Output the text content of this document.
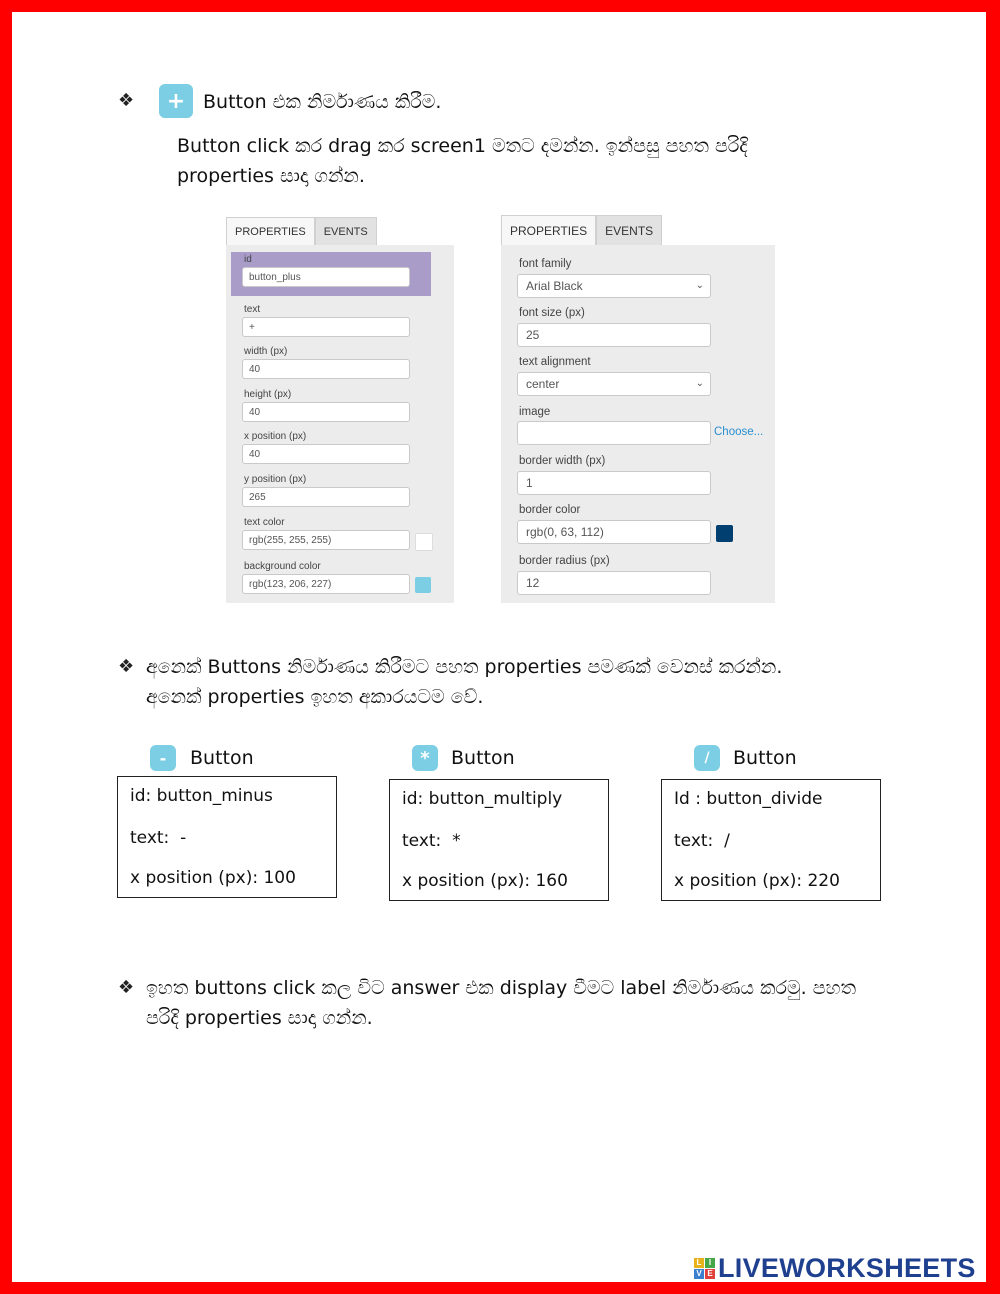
❖	+ Button එක නිර්මාණය කිරීම.
Button click කර drag කර screen1 මතට දමන්න. ඉන්පසු පහත පරිදි
properties සාදා ගන්න.
PROPERTIES	EVENTS
id
button_plus
text
+
width (px)
40
height (px)
40
x position (px)
40
y position (px)
265
text color
rgb(255, 255, 255)
background color
rgb(123, 206, 227)
PROPERTIES	EVENTS
font family
Arial Black	⌄
font size (px)
25
text alignment
center	⌄
image
Choose...
border width (px)
1
border color
rgb(0, 63, 112)
border radius (px)
12
❖ අනෙක් Buttons නිර්මාණය කිරීමට පහත properties පමණක් වෙනස් කරන්න.
අනෙක් properties ඉහත අකාරයටම වේ.
-	Button
id: button_minus
text: -
x position (px): 100
*	Button
id: button_multiply
text: *
x position (px): 160
/	Button
Id : button_divide
text: /
x position (px): 220
❖ ඉහත buttons click කල විට answer එක display වීමට label නිර්මාණය කරමු. පහත
පරිදි properties සාදා ගන්න.
L I
V E LIVEWORKSHEETS
